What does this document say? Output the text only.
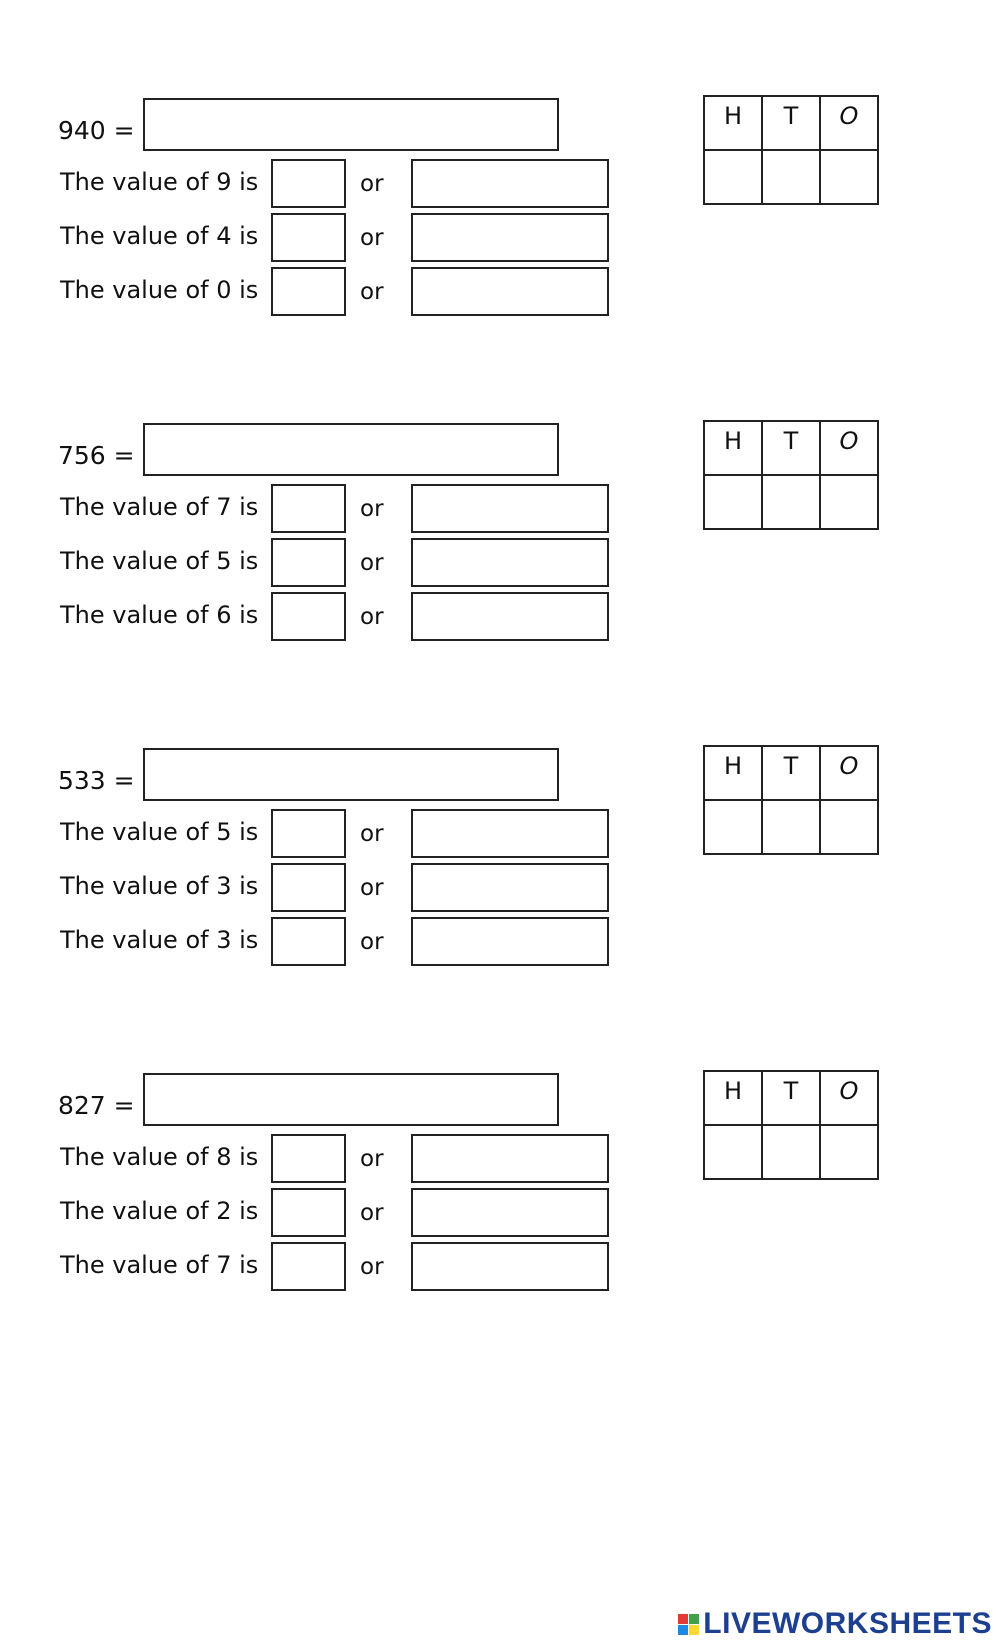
940 =
The value of 9 is	or
The value of 4 is	or
The value of 0 is	or
H	T	O

756 =
The value of 7 is	or
The value of 5 is	or
The value of 6 is	or
H	T	O

533 =
The value of 5 is	or
The value of 3 is	or
The value of 3 is	or
H	T	O

827 =
The value of 8 is	or
The value of 2 is	or
The value of 7 is	or
H	T	O

LIVEWORKSHEETS
